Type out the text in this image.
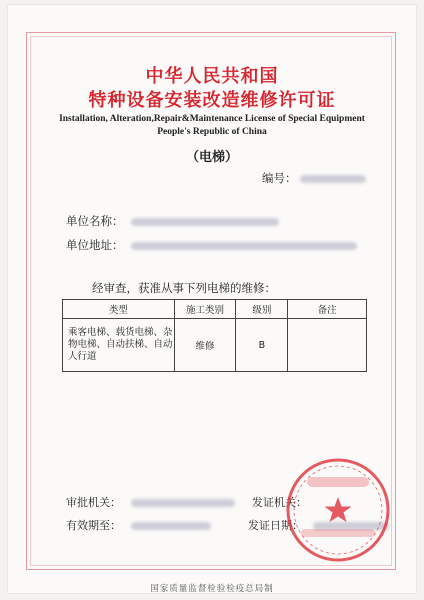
中华人民共和国
特种设备安装改造维修许可证
Installation, Alteration,Repair&Maintenance License of Special Equipment
People's Republic of China
（电梯）
编号：
单位名称：
单位地址：
经审查，获准从事下列电梯的维修：
类型	施工类别	级别	备注
乘客电梯、载货电梯、杂物电梯、自动扶梯、自动人行道	维修	B	
审批机关：
有效期至：
发证机关：
发证日期：
国家质量监督检验检疫总局制
